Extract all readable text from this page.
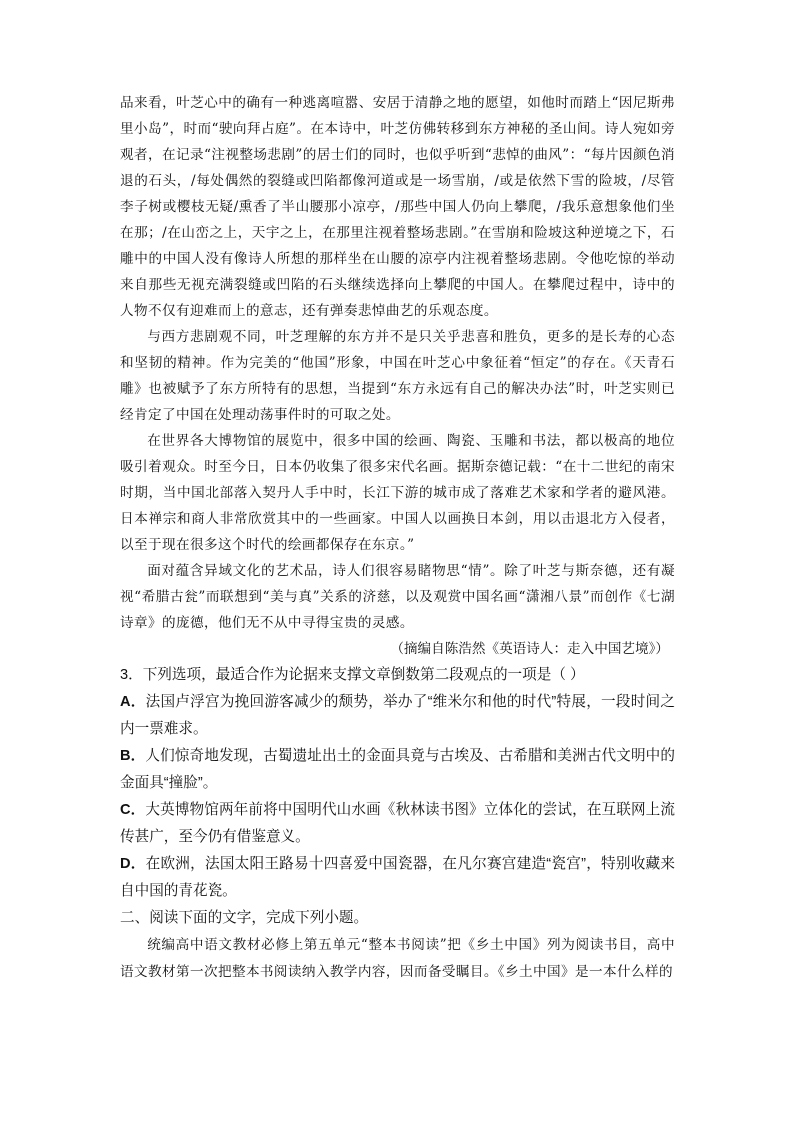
品来看，叶芝心中的确有一种逃离喧嚣、安居于清静之地的愿望，如他时而踏上“因尼斯弗里小岛”，时而“驶向拜占庭”。在本诗中，叶芝仿佛转移到东方神秘的圣山间。诗人宛如旁观者，在记录“注视整场悲剧”的居士们的同时，也似乎听到“悲悼的曲风”：“每片因颜色消退的石头，/每处偶然的裂缝或凹陷都像河道或是一场雪崩，/或是依然下雪的险坡，/尽管李子树或樱枝无疑/熏香了半山腰那小凉亭，/那些中国人仍向上攀爬，/我乐意想象他们坐在那；/在山峦之上，天宇之上，在那里注视着整场悲剧。”在雪崩和险坡这种逆境之下，石雕中的中国人没有像诗人所想的那样坐在山腰的凉亭内注视着整场悲剧。令他吃惊的举动来自那些无视充满裂缝或凹陷的石头继续选择向上攀爬的中国人。在攀爬过程中，诗中的人物不仅有迎难而上的意志，还有弹奏悲悼曲艺的乐观态度。

与西方悲剧观不同，叶芝理解的东方并不是只关乎悲喜和胜负，更多的是长寿的心态和坚韧的精神。作为完美的“他国”形象，中国在叶芝心中象征着“恒定”的存在。《天青石雕》也被赋予了东方所特有的思想，当提到“东方永远有自己的解决办法”时，叶芝实则已经肯定了中国在处理动荡事件时的可取之处。

在世界各大博物馆的展览中，很多中国的绘画、陶瓷、玉雕和书法，都以极高的地位吸引着观众。时至今日，日本仍收集了很多宋代名画。据斯奈德记载：“在十二世纪的南宋时期，当中国北部落入契丹人手中时，长江下游的城市成了落难艺术家和学者的避风港。日本禅宗和商人非常欣赏其中的一些画家。中国人以画换日本剑，用以击退北方入侵者，以至于现在很多这个时代的绘画都保存在东京。”

面对蕴含异域文化的艺术品，诗人们很容易睹物思“情”。除了叶芝与斯奈德，还有凝视“希腊古瓮”而联想到“美与真”关系的济慈，以及观赏中国名画“潇湘八景”而创作《七湖诗章》的庞德，他们无不从中寻得宝贵的灵感。

（摘编自陈浩然《英语诗人：走入中国艺境》）

3．下列选项，最适合作为论据来支撑文章倒数第二段观点的一项是（ ）

A．法国卢浮宫为挽回游客减少的颓势，举办了“维米尔和他的时代”特展，一段时间之内一票难求。

B．人们惊奇地发现，古蜀遗址出土的金面具竟与古埃及、古希腊和美洲古代文明中的金面具“撞脸”。

C．大英博物馆两年前将中国明代山水画《秋林读书图》立体化的尝试，在互联网上流传甚广，至今仍有借鉴意义。

D．在欧洲，法国太阳王路易十四喜爱中国瓷器，在凡尔赛宫建造“瓷宫”，特别收藏来自中国的青花瓷。

二、阅读下面的文字，完成下列小题。

统编高中语文教材必修上第五单元“整本书阅读”把《乡土中国》列为阅读书目，高中语文教材第一次把整本书阅读纳入教学内容，因而备受瞩目。《乡土中国》是一本什么样的
